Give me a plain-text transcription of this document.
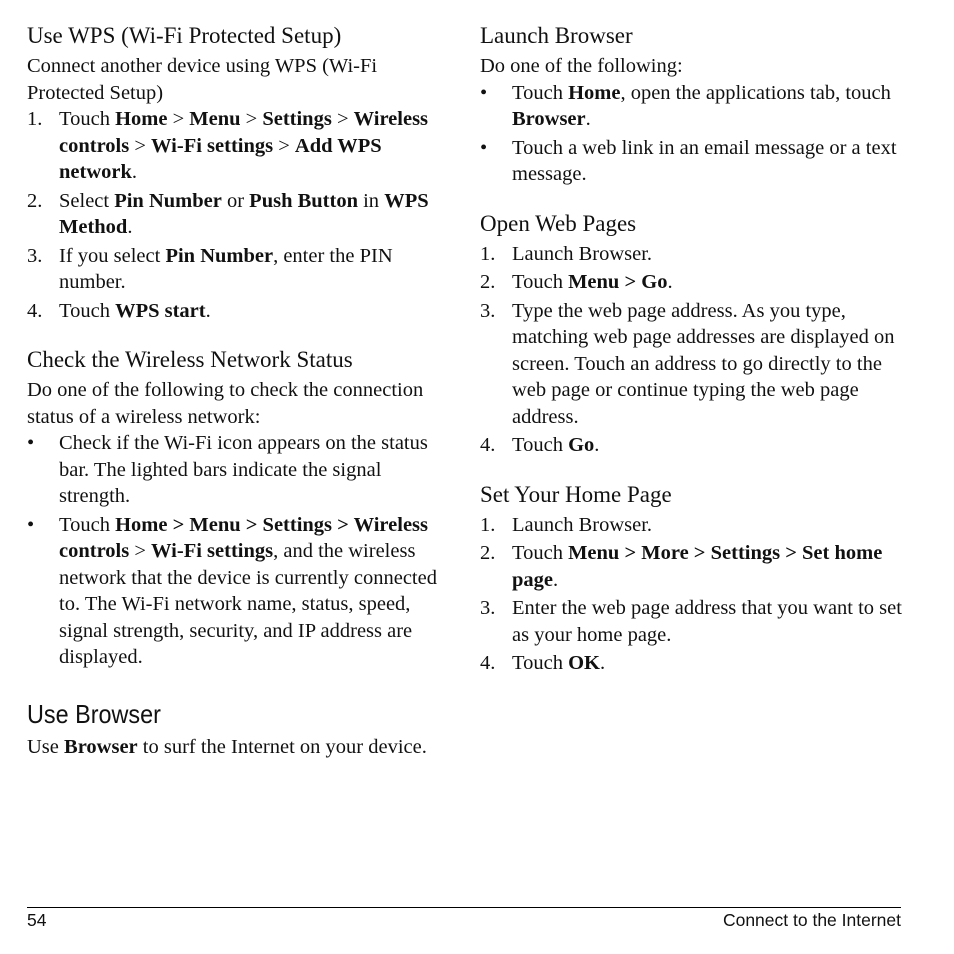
Use WPS (Wi-Fi Protected Setup)

Connect another device using WPS (Wi-Fi Protected Setup)

1. Touch Home > Menu > Settings > Wireless controls > Wi-Fi settings > Add WPS network.
2. Select Pin Number or Push Button in WPS Method.
3. If you select Pin Number, enter the PIN number.
4. Touch WPS start.
Check the Wireless Network Status

Do one of the following to check the connection status of a wireless network:

• Check if the Wi-Fi icon appears on the status bar. The lighted bars indicate the signal strength.
• Touch Home > Menu > Settings > Wireless controls > Wi-Fi settings, and the wireless network that the device is currently connected to. The Wi-Fi network name, status, speed, signal strength, security, and IP address are displayed.
Use Browser

Use Browser to surf the Internet on your device.

Launch Browser

Do one of the following:

• Touch Home, open the applications tab, touch Browser.
• Touch a web link in an email message or a text message.
Open Web Pages
1. Launch Browser.
2. Touch Menu > Go.
3. Type the web page address. As you type, matching web page addresses are displayed on screen. Touch an address to go directly to the web page or continue typing the web page address.
4. Touch Go.
Set Your Home Page
1. Launch Browser.
2. Touch Menu > More > Settings > Set home page.
3. Enter the web page address that you want to set as your home page.
4. Touch OK.
54	Connect to the Internet
